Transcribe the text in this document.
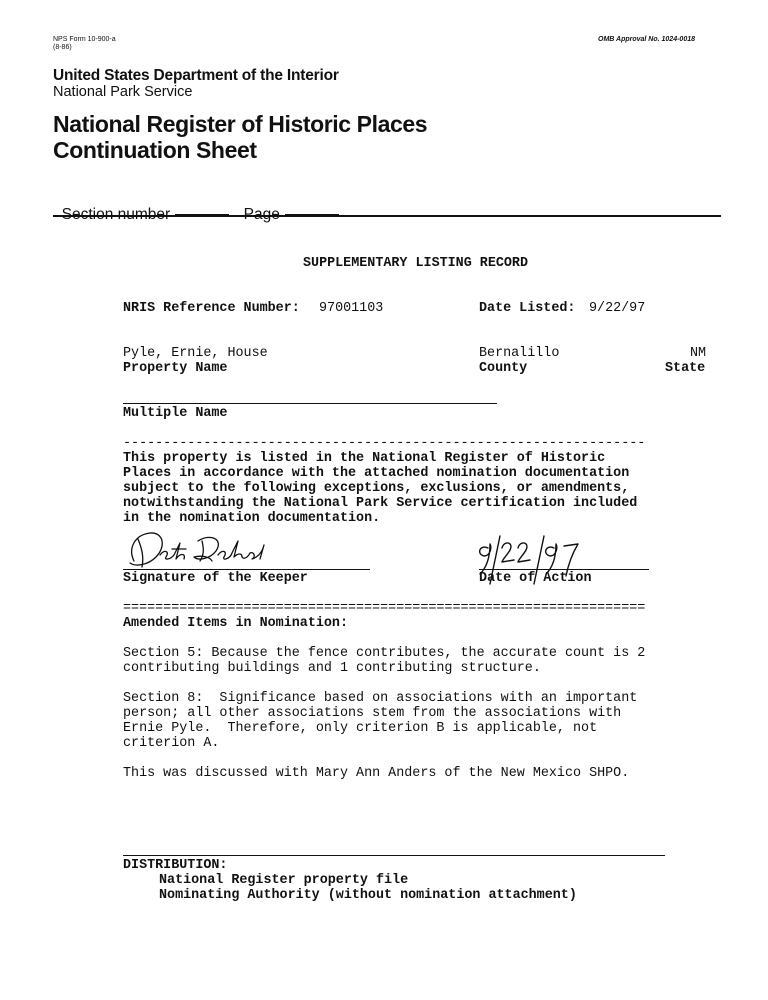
NPS Form 10-900-a
(8-86)
OMB Approval No. 1024-0018
United States Department of the Interior
National Park Service
National Register of Historic Places
Continuation Sheet

SUPPLEMENTARY LISTING RECORD
NRIS Reference Number: 97001103	Date Listed: 9/22/97
Pyle, Ernie, House
Property Name
Bernalillo
County
NM
State
Multiple Name
-----------------------------------------------------------------
This property is listed in the National Register of Historic
Places in accordance with the attached nomination documentation
subject to the following exceptions, exclusions, or amendments,
notwithstanding the National Park Service certification included
in the nomination documentation.
Signature of the Keeper	Date of Action
=================================================================
Amended Items in Nomination:
Section 5: Because the fence contributes, the accurate count is 2
contributing buildings and 1 contributing structure.
Section 8:  Significance based on associations with an important
person; all other associations stem from the associations with
Ernie Pyle.  Therefore, only criterion B is applicable, not
criterion A.
This was discussed with Mary Ann Anders of the New Mexico SHPO.
DISTRIBUTION:
National Register property file
Nominating Authority (without nomination attachment)
